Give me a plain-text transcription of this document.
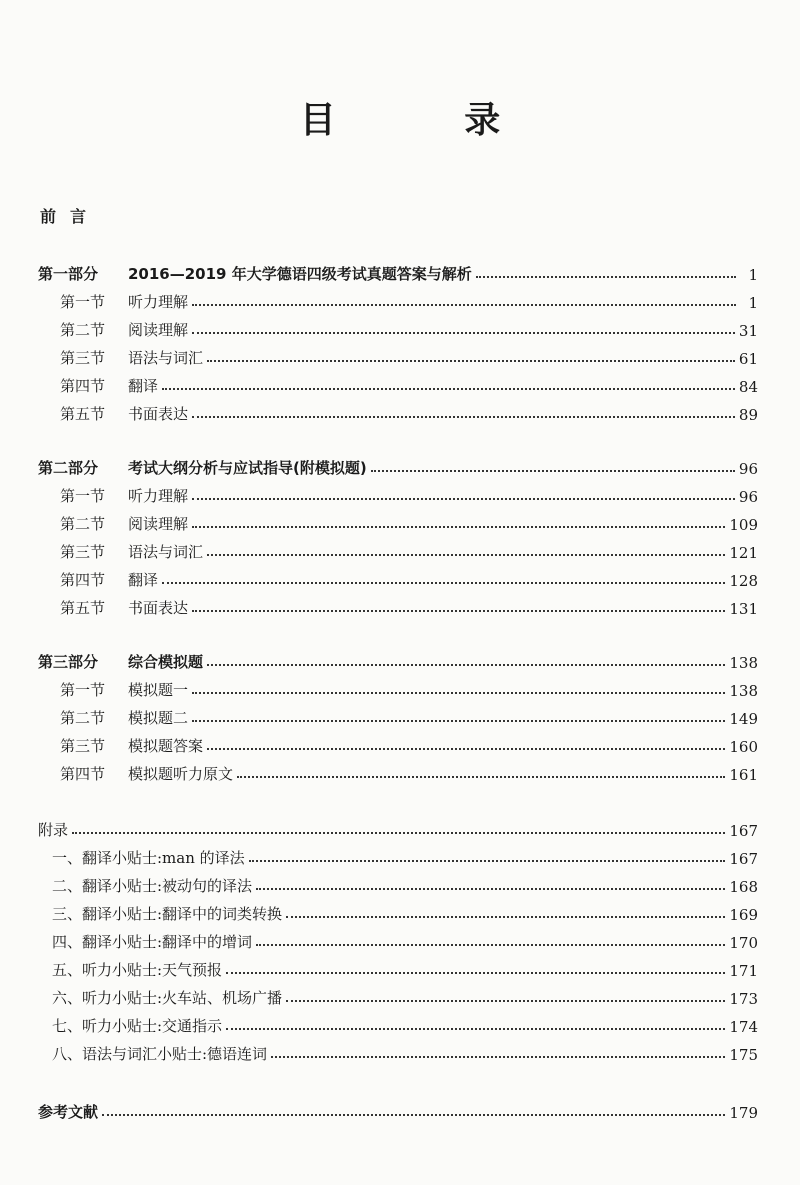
目 录
前言
第一部分	2016—2019 年大学德语四级考试真题答案与解析	1
第一节	听力理解	1
第二节	阅读理解	31
第三节	语法与词汇	61
第四节	翻译	84
第五节	书面表达	89
第二部分	考试大纲分析与应试指导(附模拟题)	96
第一节	听力理解	96
第二节	阅读理解	109
第三节	语法与词汇	121
第四节	翻译	128
第五节	书面表达	131
第三部分	综合模拟题	138
第一节	模拟题一	138
第二节	模拟题二	149
第三节	模拟题答案	160
第四节	模拟题听力原文	161
附录	167
一、翻译小贴士:man 的译法	167
二、翻译小贴士:被动句的译法	168
三、翻译小贴士:翻译中的词类转换	169
四、翻译小贴士:翻译中的增词	170
五、听力小贴士:天气预报	171
六、听力小贴士:火车站、机场广播	173
七、听力小贴士:交通指示	174
八、语法与词汇小贴士:德语连词	175
参考文献	179
